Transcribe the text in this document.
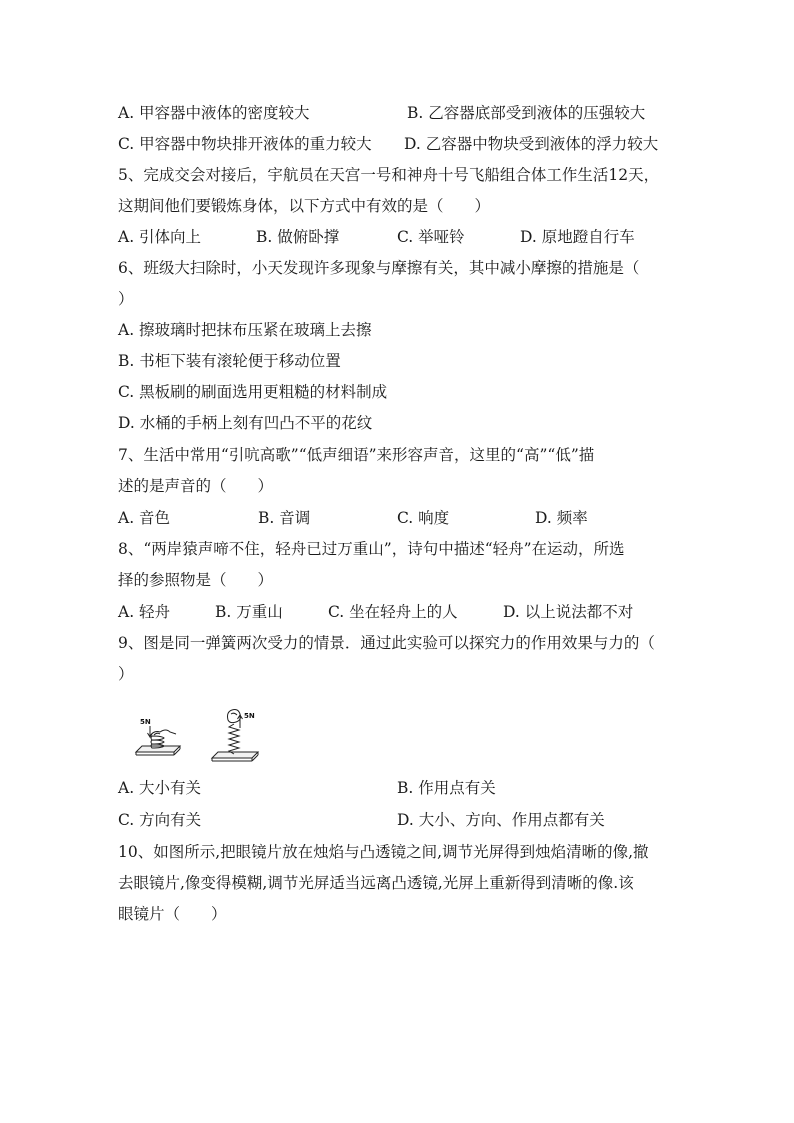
A. 甲容器中液体的密度较大	B. 乙容器底部受到液体的压强较大
C. 甲容器中物块排开液体的重力较大 D. 乙容器中物块受到液体的浮力较大
5、完成交会对接后，宇航员在天宫一号和神舟十号飞船组合体工作生活12天，
这期间他们要锻炼身体，以下方式中有效的是（　　）
A. 引体向上	B. 做俯卧撑	C. 举哑铃	D. 原地蹬自行车
6、班级大扫除时，小天发现许多现象与摩擦有关，其中减小摩擦的措施是（
）
A. 擦玻璃时把抹布压紧在玻璃上去擦
B. 书柜下装有滚轮便于移动位置
C. 黑板刷的刷面选用更粗糙的材料制成
D. 水桶的手柄上刻有凹凸不平的花纹
7、生活中常用“引吭高歌”“低声细语”来形容声音，这里的“高”“低”描
述的是声音的（　　）
A. 音色	B. 音调	C. 响度	D. 频率
8、“两岸猿声啼不住，轻舟已过万重山”，诗句中描述“轻舟”在运动，所选
择的参照物是（　　）
A. 轻舟	B. 万重山	C. 坐在轻舟上的人	D. 以上说法都不对
9、图是同一弹簧两次受力的情景．通过此实验可以探究力的作用效果与力的（
）
5N
5N
A. 大小有关	B. 作用点有关
C. 方向有关	D. 大小、方向、作用点都有关
10、如图所示,把眼镜片放在烛焰与凸透镜之间,调节光屏得到烛焰清晰的像,撤
去眼镜片,像变得模糊,调节光屏适当远离凸透镜,光屏上重新得到清晰的像.该
眼镜片（　　）
